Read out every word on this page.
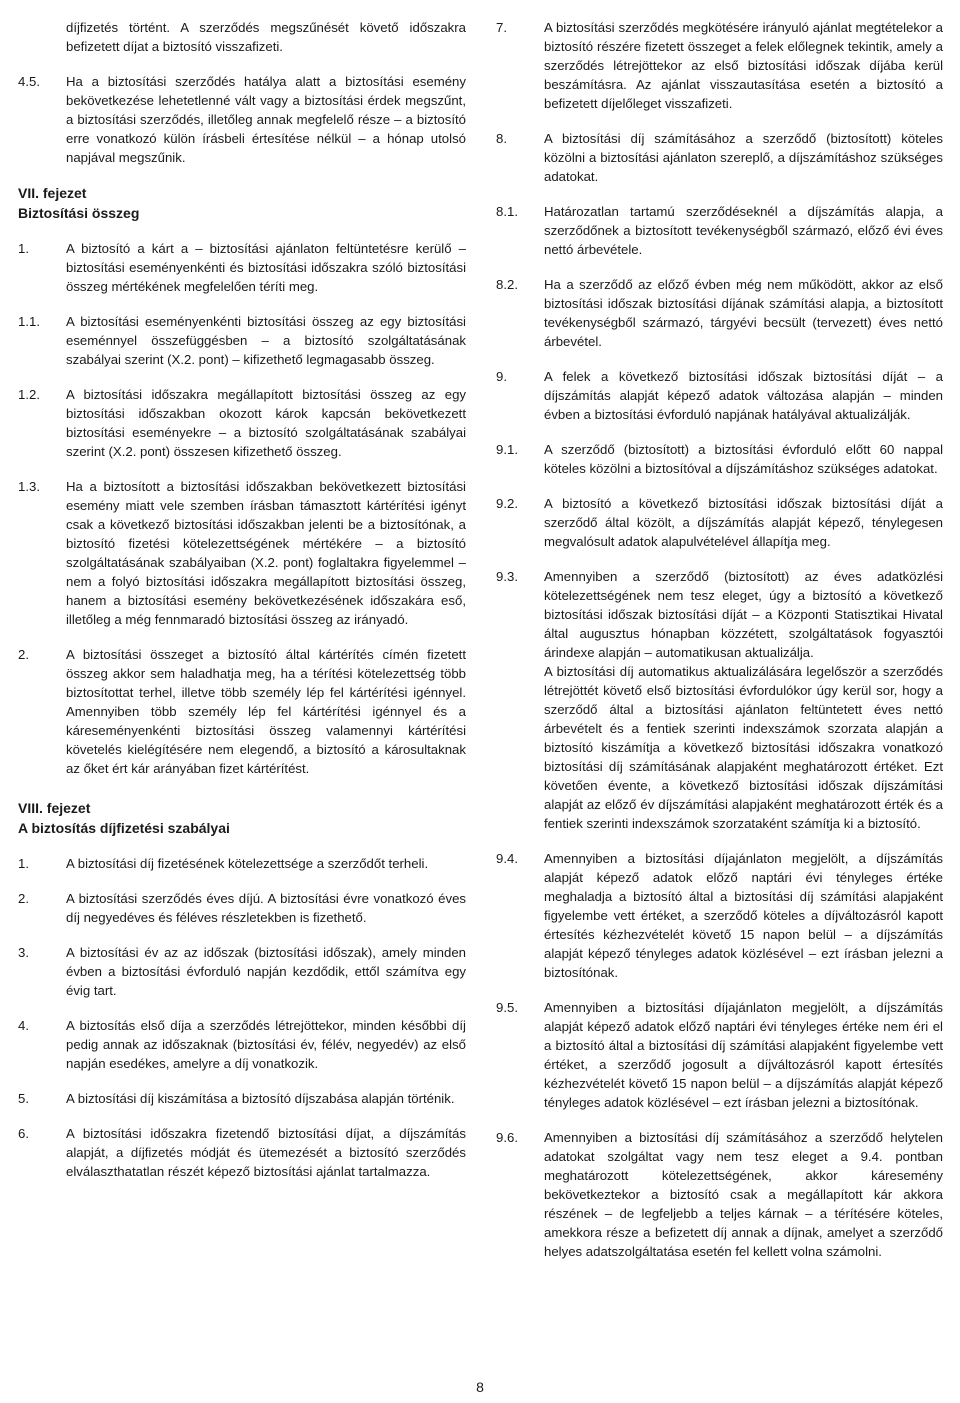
díjfizetés történt. A szerződés megszűnését követő időszakra befizetett díjat a biztosító visszafizeti.
4.5.	Ha a biztosítási szerződés hatálya alatt a biztosítási esemény bekövetkezése lehetetlenné vált vagy a biztosítási érdek megszűnt, a biztosítási szerződés, illetőleg annak megfelelő része – a biztosító erre vonatkozó külön írásbeli értesítése nélkül – a hónap utolsó napjával megszűnik.
VII. fejezet
Biztosítási összeg
1.	A biztosító a kárt a – biztosítási ajánlaton feltüntetésre kerülő – biztosítási eseményenkénti és biztosítási időszakra szóló biztosítási összeg mértékének megfelelően téríti meg.
1.1.	A biztosítási eseményenkénti biztosítási összeg az egy biztosítási eseménnyel összefüggésben – a biztosító szolgáltatásának szabályai szerint (X.2. pont) – kifizethető legmagasabb összeg.
1.2.	A biztosítási időszakra megállapított biztosítási összeg az egy biztosítási időszakban okozott károk kapcsán bekövetkezett biztosítási eseményekre – a biztosító szolgáltatásának szabályai szerint (X.2. pont) összesen kifizethető összeg.
1.3.	Ha a biztosított a biztosítási időszakban bekövetkezett biztosítási esemény miatt vele szemben írásban támasztott kártérítési igényt csak a következő biztosítási időszakban jelenti be a biztosítónak, a biztosító fizetési kötelezettségének mértékére – a biztosító szolgáltatásának szabályaiban (X.2. pont) foglaltakra figyelemmel – nem a folyó biztosítási időszakra megállapított biztosítási összeg, hanem a biztosítási esemény bekövetkezésének időszakára eső, illetőleg a még fennmaradó biztosítási összeg az irányadó.
2.	A biztosítási összeget a biztosító által kártérítés címén fizetett összeg akkor sem haladhatja meg, ha a térítési kötelezettség több biztosítottat terhel, illetve több személy lép fel kártérítési igénnyel. Amennyiben több személy lép fel kártérítési igénnyel és a káreseményenkénti biztosítási összeg valamennyi kártérítési követelés kielégítésére nem elegendő, a biztosító a károsultaknak az őket ért kár arányában fizet kártérítést.
VIII. fejezet
A biztosítás díjfizetési szabályai
1.	A biztosítási díj fizetésének kötelezettsége a szerződőt terheli.
2.	A biztosítási szerződés éves díjú. A biztosítási évre vonatkozó éves díj negyedéves és féléves részletekben is fizethető.
3.	A biztosítási év az az időszak (biztosítási időszak), amely minden évben a biztosítási évforduló napján kezdődik, ettől számítva egy évig tart.
4.	A biztosítás első díja a szerződés létrejöttekor, minden későbbi díj pedig annak az időszaknak (biztosítási év, félév, negyedév) az első napján esedékes, amelyre a díj vonatkozik.
5.	A biztosítási díj kiszámítása a biztosító díjszabása alapján történik.
6.	A biztosítási időszakra fizetendő biztosítási díjat, a díjszámítás alapját, a díjfizetés módját és ütemezését a biztosító szerződés elválaszthatatlan részét képező biztosítási ajánlat tartalmazza.
7.	A biztosítási szerződés megkötésére irányuló ajánlat megtételekor a biztosító részére fizetett összeget a felek előlegnek tekintik, amely a szerződés létrejöttekor az első biztosítási időszak díjába kerül beszámításra. Az ajánlat visszautasítása esetén a biztosító a befizetett díjelőleget visszafizeti.
8.	A biztosítási díj számításához a szerződő (biztosított) köteles közölni a biztosítási ajánlaton szereplő, a díjszámításhoz szükséges adatokat.
8.1.	Határozatlan tartamú szerződéseknél a díjszámítás alapja, a szerződőnek a biztosított tevékenységből származó, előző évi éves nettó árbevétele.
8.2.	Ha a szerződő az előző évben még nem működött, akkor az első biztosítási időszak biztosítási díjának számítási alapja, a biztosított tevékenységből származó, tárgyévi becsült (tervezett) éves nettó árbevétel.
9.	A felek a következő biztosítási időszak biztosítási díját – a díjszámítás alapját képező adatok változása alapján – minden évben a biztosítási évforduló napjának hatályával aktualizálják.
9.1.	A szerződő (biztosított) a biztosítási évforduló előtt 60 nappal köteles közölni a biztosítóval a díjszámításhoz szükséges adatokat.
9.2.	A biztosító a következő biztosítási időszak biztosítási díját a szerződő által közölt, a díjszámítás alapját képező, ténylegesen megvalósult adatok alapulvételével állapítja meg.
9.3.	Amennyiben a szerződő (biztosított) az éves adatközlési kötelezettségének nem tesz eleget, úgy a biztosító a következő biztosítási időszak biztosítási díját – a Központi Statisztikai Hivatal által augusztus hónapban közzétett, szolgáltatások fogyasztói árindexe alapján – automatikusan aktualizálja.
A biztosítási díj automatikus aktualizálására legelőször a szerződés létrejöttét követő első biztosítási évfordulókor úgy kerül sor, hogy a szerződő által a biztosítási ajánlaton feltüntetett éves nettó árbevételt és a fentiek szerinti indexszámok szorzata alapján a biztosító kiszámítja a következő biztosítási időszakra vonatkozó biztosítási díj számításának alapjaként meghatározott értéket. Ezt követően évente, a következő biztosítási időszak díjszámítási alapját az előző év díjszámítási alapjaként meghatározott érték és a fentiek szerinti indexszámok szorzataként számítja ki a biztosító.
9.4.	Amennyiben a biztosítási díjajánlaton megjelölt, a díjszámítás alapját képező adatok előző naptári évi tényleges értéke meghaladja a biztosító által a biztosítási díj számítási alapjaként figyelembe vett értéket, a szerződő köteles a díjváltozásról kapott értesítés kézhezvételét követő 15 napon belül – a díjszámítás alapját képező tényleges adatok közlésével – ezt írásban jelezni a biztosítónak.
9.5.	Amennyiben a biztosítási díjajánlaton megjelölt, a díjszámítás alapját képező adatok előző naptári évi tényleges értéke nem éri el a biztosító által a biztosítási díj számítási alapjaként figyelembe vett értéket, a szerződő jogosult a díjváltozásról kapott értesítés kézhezvételét követő 15 napon belül – a díjszámítás alapját képező tényleges adatok közlésével – ezt írásban jelezni a biztosítónak.
9.6.	Amennyiben a biztosítási díj számításához a szerződő helytelen adatokat szolgáltat vagy nem tesz eleget a 9.4. pontban meghatározott kötelezettségének, akkor káresemény bekövetkeztekor a biztosító csak a megállapított kár akkora részének – de legfeljebb a teljes kárnak – a térítésére köteles, amekkora része a befizetett díj annak a díjnak, amelyet a szerződő helyes adatszolgáltatása esetén fel kellett volna számolni.
8
